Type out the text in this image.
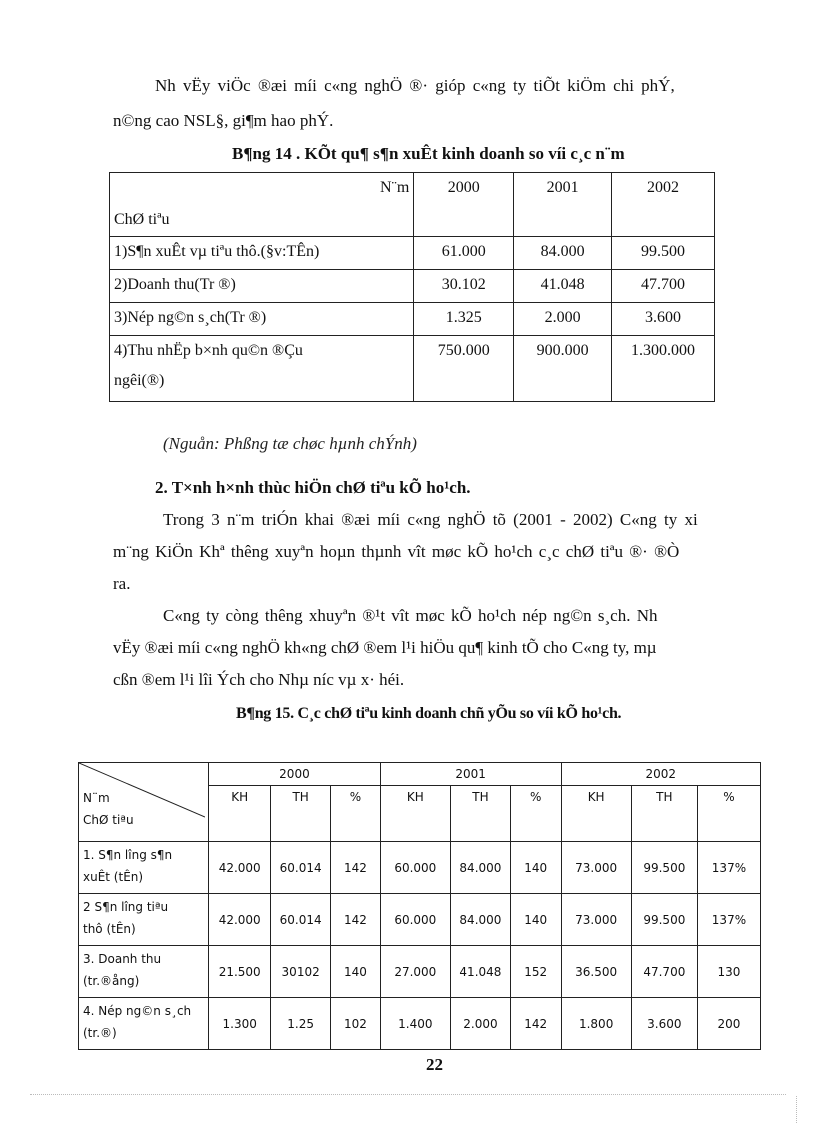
Nh vËy viÖc ®æi míi c«ng nghÖ ®· gióp c«ng ty tiÕt kiÖm chi phÝ,
n©ng cao NSL§, gi¶m hao phÝ.
B¶ng 14 . KÕt qu¶ s¶n xuÊt kinh doanh so víi c¸c n¨m
N¨m
ChØ tiªu	2000	2001	2002
1)S¶n xuÊt vµ tiªu thô.(§v:TÊn)	61.000	84.000	99.500
2)Doanh thu(Tr ®)	30.102	41.048	47.700
3)Nép ng©n s¸ch(Tr ®)	1.325	2.000	3.600

4)Thu nhËp b×nh qu©n ®Çu
ngêi(®)	750.000	900.000	1.300.000
(Nguån: Phßng tæ chøc hµnh chÝnh)
2. T×nh h×nh thùc hiÖn chØ tiªu kÕ ho¹ch.
Trong 3 n¨m triÓn khai ®æi míi c«ng nghÖ tõ (2001 - 2002) C«ng ty xi
m¨ng KiÖn Khª thêng xuyªn hoµn thµnh vît møc kÕ ho¹ch c¸c chØ tiªu ®· ®Ò
ra.
C«ng ty còng thêng xhuyªn ®¹t vît møc kÕ ho¹ch nép ng©n s¸ch. Nh
vËy ®æi míi c«ng nghÖ kh«ng chØ ®em l¹i hiÖu qu¶ kinh tÕ cho C«ng ty, mµ
cßn ®em l¹i lîi Ých cho Nhµ níc vµ x· héi.
B¶ng 15. C¸c chØ tiªu kinh doanh chñ yÕu so víi kÕ ho¹ch.
N¨m
ChØ tiªu	2000			2001			2002		
	KH	TH	%	KH	TH	%	KH	TH	%

1. S¶n lîng s¶n
xuÊt (tÊn)	42.000	60.014	142	60.000	84.000	140	73.000	99.500	137%

2 S¶n lîng tiªu
thô (tÊn)	42.000	60.014	142	60.000	84.000	140	73.000	99.500	137%

3. Doanh thu
(tr.®ång)	21.500	30102	140	27.000	41.048	152	36.500	47.700	130

4. Nép ng©n s¸ch
(tr.®)	1.300	1.25	102	1.400	2.000	142	1.800	3.600	200
22
